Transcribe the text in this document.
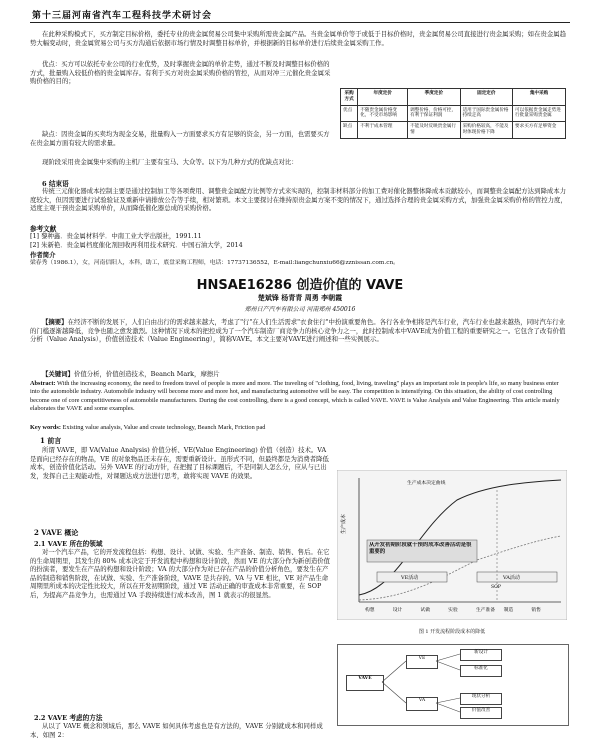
第十三届河南省汽车工程科技学术研讨会
在此种采购模式下，买方制定目标价格，委托专业的贵金属贸易公司集中采购所需贵金属产品。当贵金属单价等于或低于目标价格时，贵金属贸易公司直接进行贵金属采购；如在贵金属趋势大幅变动时，贵金属贸易公司与买方沟通后依据市场行情及时调整目标单价，并根据新的目标单价进行后续贵金属采购工作。
优点：买方可以依托专业公司的行业优势，及时掌握贵金属的单价走势，通过不断及时调整目标价格的方式，批量购入较低价格的贵金属库存。有利于买方对贵金属采购价格的管控，从而对冲三元催化贵金属采购价格的目的；
缺点：因贵金属的买卖均为现金交易，批量购入一方面要求买方有足够的资金，另一方面，也需要买方在贵金属方面有较大的需求量。
采购方式	年度定价	季度定价	固定定价	集中采购
优点	不随贵金属价格变化，不受市场影响	调整价格，价格可控，有利于保证利润	适用于国际贵金属价格持续走高	可以依据贵金属走势进行批量采购贵金属
缺点	不利于成本管理	不能及时反映贵金属行情	采购价格较高，不能及时体现价格下降	要求买方有足够资金
现阶段采用贵金属集中采购的主机厂主要有宝马、大众等。以下为几种方式的优缺点对比：
6 结束语
传统三元催化器成本控制主要是通过控制加工等各项费用、调整贵金属配方比例等方式来实现的，控制非材料部分的加工费对催化器整体降成本贡献较小，而调整贵金属配方达到降成本力度较大，但因需要进行试验验证及重新申请排放公告等手续，相对繁琐。本文主要探讨在维持原贵金属方案不变的情况下，通过选择合理的贵金属采购方式，加强贵金属采购价格的管控力度，适度主观干预贵金属采购单价，从而降低催化器总成的采购价格。
参考文献
[1] 黎种鑫．贵金属材料学．中南工业大学出版社，1991.11
[2] 朱新艳．贵金属档度催化剂回收再利用技术研究．中国石油大学，2014
作者简介
梁春秀（1986.1），女，河南信阳人，本科，助工，底盘采购工程师，电话：17737136552，E-mail:liangchunxiu66@zznissan.com.cn。
HNSAE16286 创造价值的 VAVE
楚斌锋 杨青青 周勇 李朝霞
郑州日产汽车有限公司 河南郑州 450016
【摘要】在经济不断的发展下，人们自由出行的需求越来越大，考虑了"行"在人们生活需求"衣食住行"中扮演重要角色。各行各业争相将是汽车行业，汽车行业也越来越热，同时汽车行业的门槛逐渐越降低，竞争也随之愈发激烈。这种情况下成本的把控成为了一个汽车制造厂商竞争力的核心竞争力之一，此时控制成本中VAVE成为价值工程的重要研究之一。它包含了改有价值分析（Value Analysis），价值创造技术（Value Engineering），简称VAVE。本文主要对VAVE进行阐述和一些实例展示。
【关键词】价值分析，价值创造技术，Beanch Mark，摩擦片
Abstract: With the increasing economy, the need to freedom travel of people is more and more. The traveling of "clothing, food, living, traveling" plays an important role in people's life, so many business enter into the automobile industry. Automobile industry will become more and more hot, and manufacturing automotive will be easy. The competition is intensifying. On this situation, the ability of cost controlling become one of core competitiveness of automobile manufacturers. During the cost controlling, there is a good concept, which is called VAVE. VAVE is Value Analysis and Value Engineering. This article mainly elaborates the VAVE and some examples.
Key words: Existing value analysis, Value and create technology, Beanch Mark, Friction pad
1 前言
所谓 VAVE，即 VA(Value Analysis) 价值分析、VE(Value Engineering) 价值（创造）技术。VA 是面向已经存在的物品，VE 的对象物品还未存在，需要重新设计。虽形式不同，但最终都是为消费者降低成本，创造价值化活动。另外 VAVE 的行动方针，在把握了目标课题后，不是同制人怎么分，应从与已出发，发挥自己主观能动性，对课题达成方法进行思考，敢将实现 VAVE 的效果。
2 VAVE 概论
2.1 VAVE 所在的领域
对一个汽车产品，它的开发流程包括：构想、设计、试做、实验、生产准备、制造、销售、售后。在它的生命周期里，其发生的 80% 成本决定于开发流程中构想和设计阶段，然而 VE 的大部分作为新创造价值的扮演者，要发生在产品的构想和设计阶段；VA 的大部分作为对已存在产品的价值分析角色，要发生在产品的制造和销售阶段，在试做、实验、生产准备阶段，VAVE 是共存的。VA 与 VE 相比，VE 对产品生命周期里所成本的决定性比较大，所以在开发初期阶段，通过 VE 活动正确的审查成本非常重要，在 SOP 后，为提高产品竞争力，也需通过 VA 手段持续进行成本改善，图 1 就表示的很显然。
2.2 VAVE 考虑的方法
从以了 VAVE 概念和领域后，那么 VAVE 如何具体考虑也是有方法的，VAVE 分别就成本和同样成本，如图 2：
生产成本
生产成本决定曲线
从开发初期阶段就干预的成本改善活动是很重要的
VE活动	VA活动
SOP
构想	设计	试做	实验	生产准备 制造	销售
图 1 开发流程阶段成本的降低
VAVE
VE
VA
新设计
标准化
现状分析
价值改善
